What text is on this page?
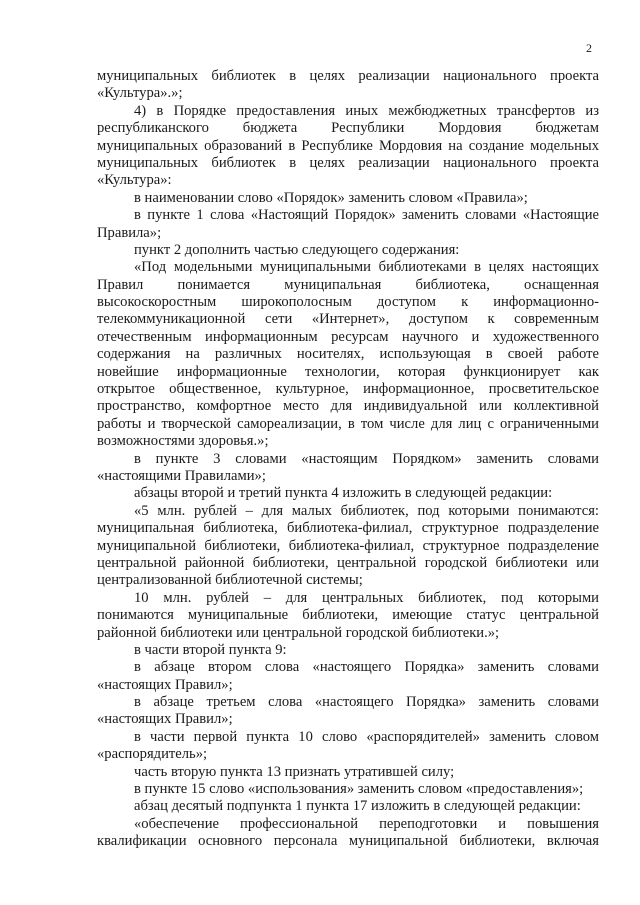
2
муниципальных библиотек в целях реализации национального проекта
«Культура».»;
4) в Порядке предоставления иных межбюджетных трансфертов из
республиканского бюджета Республики Мордовия бюджетам
муниципальных образований в Республике Мордовия на создание модельных
муниципальных библиотек в целях реализации национального проекта
«Культура»:
в наименовании слово «Порядок» заменить словом «Правила»;
в пункте 1 слова «Настоящий Порядок» заменить словами «Настоящие
Правила»;
пункт 2 дополнить частью следующего содержания:
«Под модельными муниципальными библиотеками в целях настоящих
Правил понимается муниципальная библиотека, оснащенная
высокоскоростным широкополосным доступом к информационно-
телекоммуникационной сети «Интернет», доступом к современным
отечественным информационным ресурсам научного и художественного
содержания на различных носителях, использующая в своей работе
новейшие информационные технологии, которая функционирует как
открытое общественное, культурное, информационное, просветительское
пространство, комфортное место для индивидуальной или коллективной
работы и творческой самореализации, в том числе для лиц с ограниченными
возможностями здоровья.»;
в пункте 3 словами «настоящим Порядком» заменить словами
«настоящими Правилами»;
абзацы второй и третий пункта 4 изложить в следующей редакции:
«5 млн. рублей – для малых библиотек, под которыми понимаются:
муниципальная библиотека, библиотека-филиал, структурное подразделение
муниципальной библиотеки, библиотека-филиал, структурное подразделение
центральной районной библиотеки, центральной городской библиотеки или
централизованной библиотечной системы;
10 млн. рублей – для центральных библиотек, под которыми
понимаются муниципальные библиотеки, имеющие статус центральной
районной библиотеки или центральной городской библиотеки.»;
в части второй пункта 9:
в абзаце втором слова «настоящего Порядка» заменить словами
«настоящих Правил»;
в абзаце третьем слова «настоящего Порядка» заменить словами
«настоящих Правил»;
в части первой пункта 10 слово «распорядителей» заменить словом
«распорядитель»;
часть вторую пункта 13 признать утратившей силу;
в пункте 15 слово «использования» заменить словом «предоставления»;
абзац десятый подпункта 1 пункта 17 изложить в следующей редакции:
«обеспечение профессиональной переподготовки и повышения
квалификации основного персонала муниципальной библиотеки, включая
